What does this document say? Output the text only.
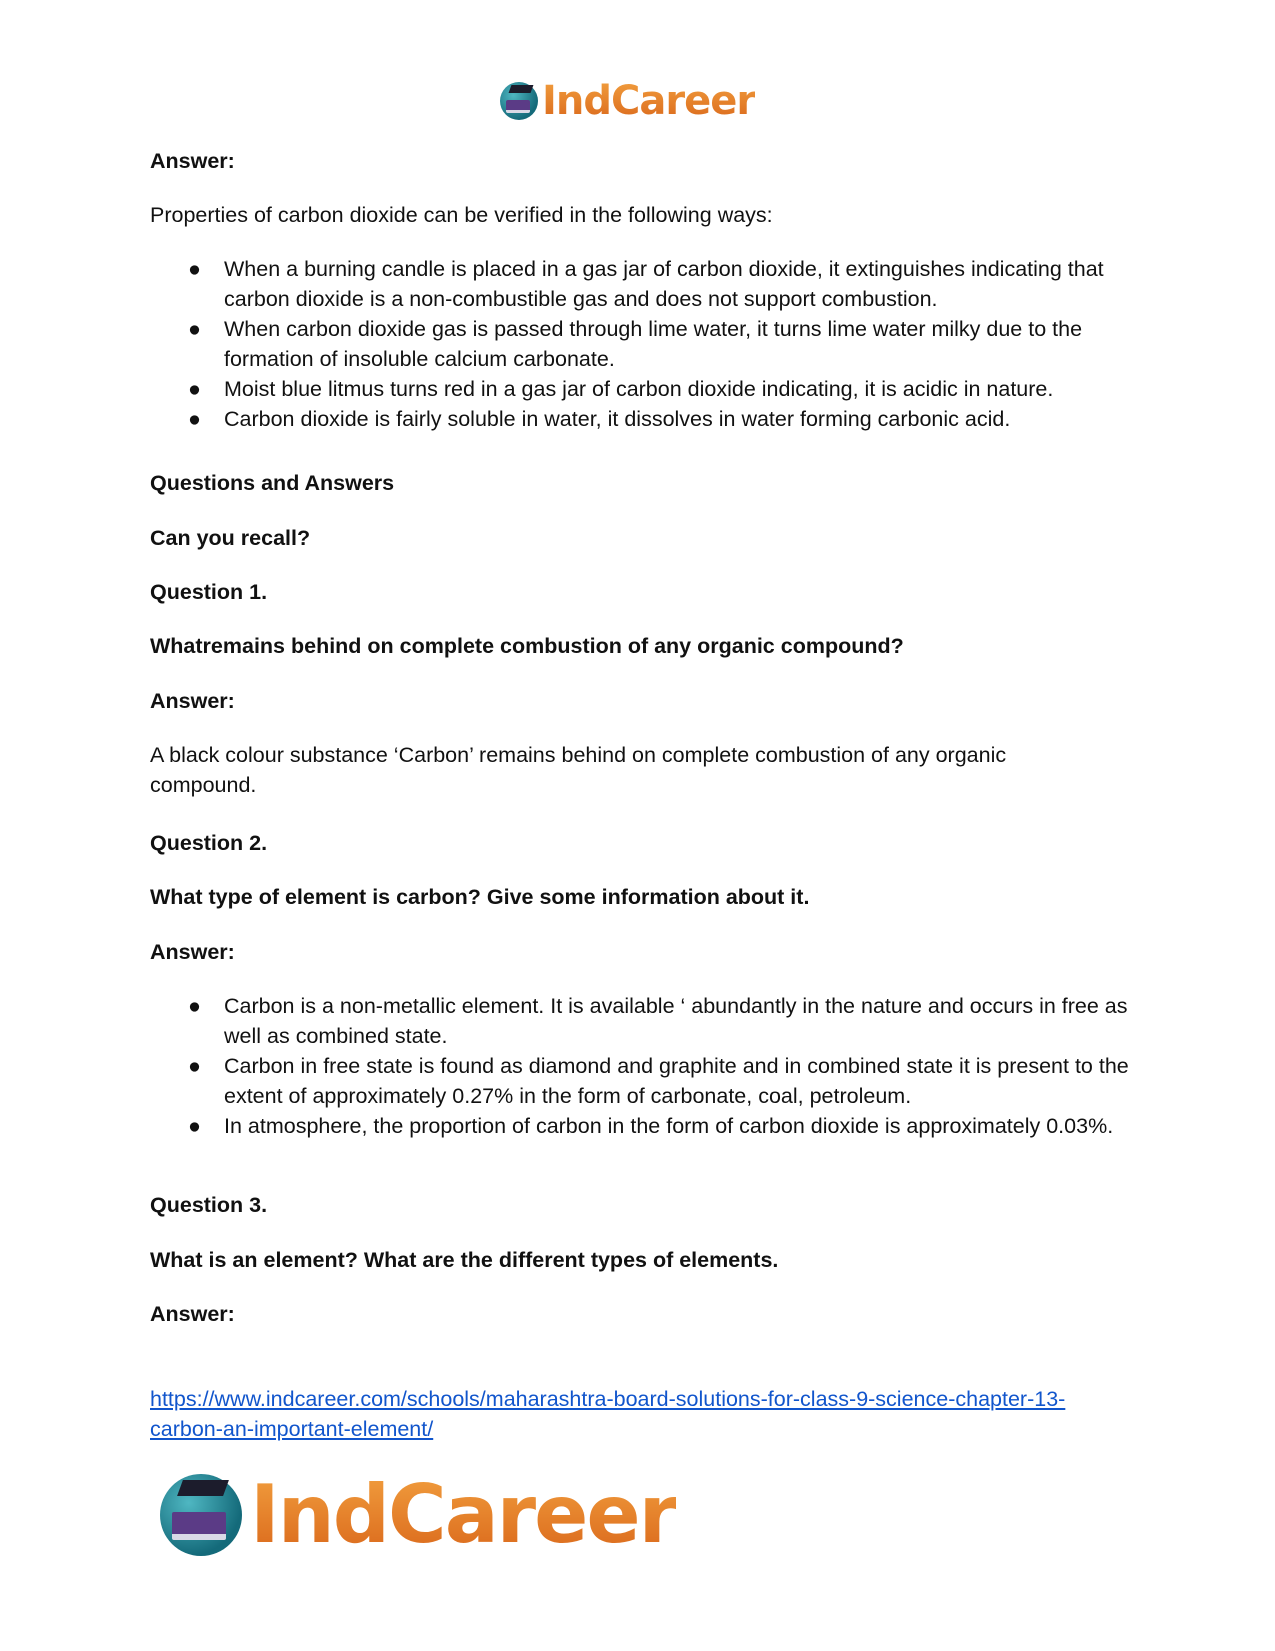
IndCareer

Answer:

Properties of carbon dioxide can be verified in the following ways:

● When a burning candle is placed in a gas jar of carbon dioxide, it extinguishes indicating that carbon dioxide is a non-combustible gas and does not support combustion.
● When carbon dioxide gas is passed through lime water, it turns lime water milky due to the formation of insoluble calcium carbonate.
● Moist blue litmus turns red in a gas jar of carbon dioxide indicating, it is acidic in nature.
● Carbon dioxide is fairly soluble in water, it dissolves in water forming carbonic acid.

Questions and Answers

Can you recall?

Question 1.

Whatremains behind on complete combustion of any organic compound?

Answer:

A black colour substance ‘Carbon’ remains behind on complete combustion of any organic compound.

Question 2.

What type of element is carbon? Give some information about it.

Answer:

● Carbon is a non-metallic element. It is available ‘ abundantly in the nature and occurs in free as well as combined state.
● Carbon in free state is found as diamond and graphite and in combined state it is present to the extent of approximately 0.27% in the form of carbonate, coal, petroleum.
● In atmosphere, the proportion of carbon in the form of carbon dioxide is approximately 0.03%.

Question 3.

What is an element? What are the different types of elements.

Answer:

https://www.indcareer.com/schools/maharashtra-board-solutions-for-class-9-science-chapter-13-carbon-an-important-element/
IndCareer
